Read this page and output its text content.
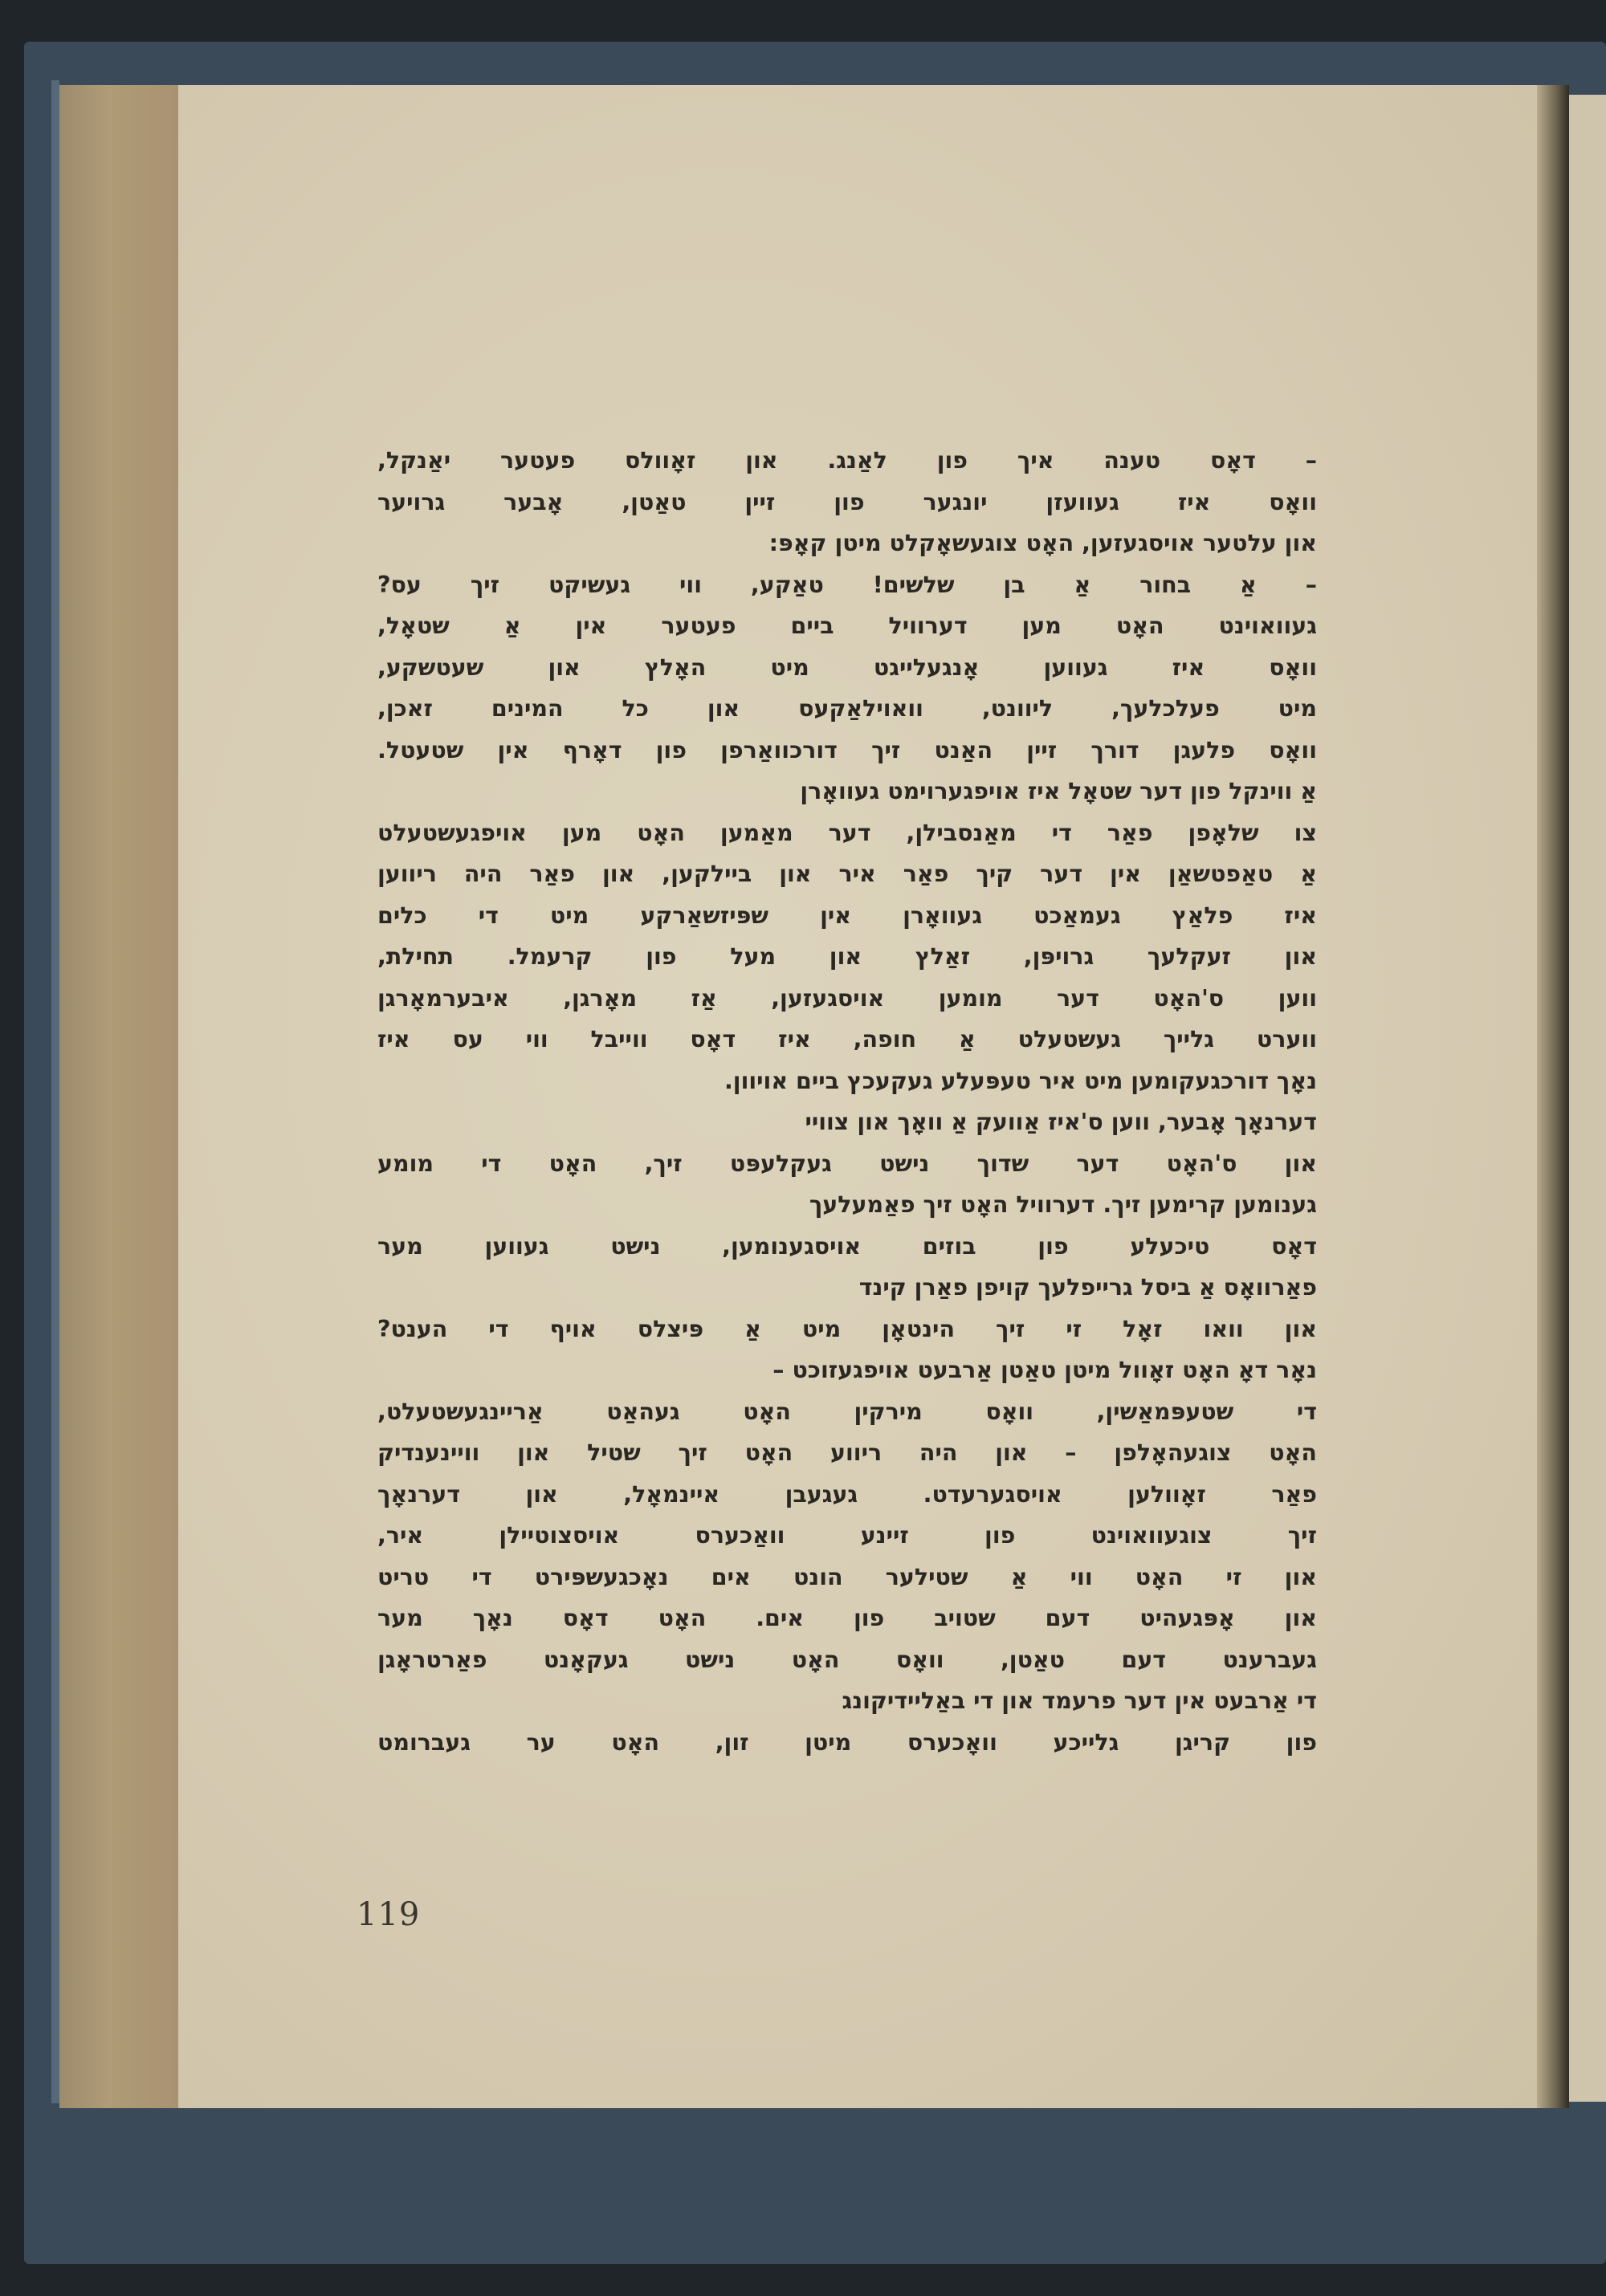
– דאָס טענה איך פון לאַנג. און זאָוולס פעטער יאַנקל,
וואָס איז געוועזן יונגער פון זיין טאַטן, אָבער גרויער
און עלטער אויסגעזען, האָט צוגעשאָקלט מיטן קאָפּ:
– אַ בחור אַ בן שלשים! טאַקע, ווי געשיקט זיך עס?
געוואוינט האָט מען דערוויל ביים פעטער אין אַ שטאָל,
וואָס איז געווען אָנגעלייגט מיט האָלץ און שעטשקע,
מיט פעלכלעך, ליוונט, וואוילאַקעס און כל המינים זאכן,
וואָס פלעגן דורך זיין האַנט זיך דורכוואַרפן פון דאָרף אין שטעטל.
אַ ווינקל פון דער שטאָל איז אויפגערוימט געוואָרן
צו שלאָפן פאַר די מאַנסבילן, דער מאַמען האָט מען אויפגעשטעלט
אַ טאַפטשאַן אין דער קיך פאַר איר און ביילקען, און פאַר היה ריווען
איז פלאַץ געמאַכט געוואָרן אין שפּיזשאַרקע מיט די כלים
און זעקלעך גרויפּן, זאַלץ און מעל פון קרעמל. תחילת,
ווען ס'האָט דער מומען אויסגעזען, אַז מאָרגן, איבערמאָרגן
ווערט גלייך געשטעלט אַ חופה, איז דאָס ווייבל ווי עס איז
נאָך דורכגעקומען מיט איר טעפּעלע געקעכץ ביים אויוון.
דערנאָך אָבער, ווען ס'איז אַוועק אַ וואָך און צוויי
און ס'האָט דער שדוך נישט געקלעפּט זיך, האָט די מומע
גענומען קרימען זיך. דערוויל האָט זיך פאַמעלעך
דאָס טיכעלע פון בוזים אויסגענומען, נישט געווען מער
פאַרוואָס אַ ביסל גרייפלעך קויפן פאַרן קינד
און וואו זאָל זי זיך הינטאָן מיט אַ פּיצלס אויף די הענט?
נאָר דאָ האָט זאָוול מיטן טאַטן אַרבעט אויפגעזוכט –
די שטעפּמאַשין, וואָס מירקין האָט געהאַט אַריינגעשטעלט,
האָט צוגעהאָלפן – און היה ריווע האָט זיך שטיל און וויינענדיק
פאַר זאָוולען אויסגערעדט. געגעבן איינמאָל, און דערנאָך
זיך צוגעוואוינט פון זיינע וואַכערס אויסצוטיילן איר,
און זי האָט ווי אַ שטילער הונט אים נאָכגעשפּירט די טריט
און אָפּגעהיט דעם שטויב פון אים. האָט דאָס נאָך מער
געברענט דעם טאַטן, וואָס האָט נישט געקאָנט פאַרטראָגן
די אַרבעט אין דער פרעמד און די באַליידיקונג
פון קריגן גלייכע וואָכערס מיטן זון, האָט ער געברומט
119
